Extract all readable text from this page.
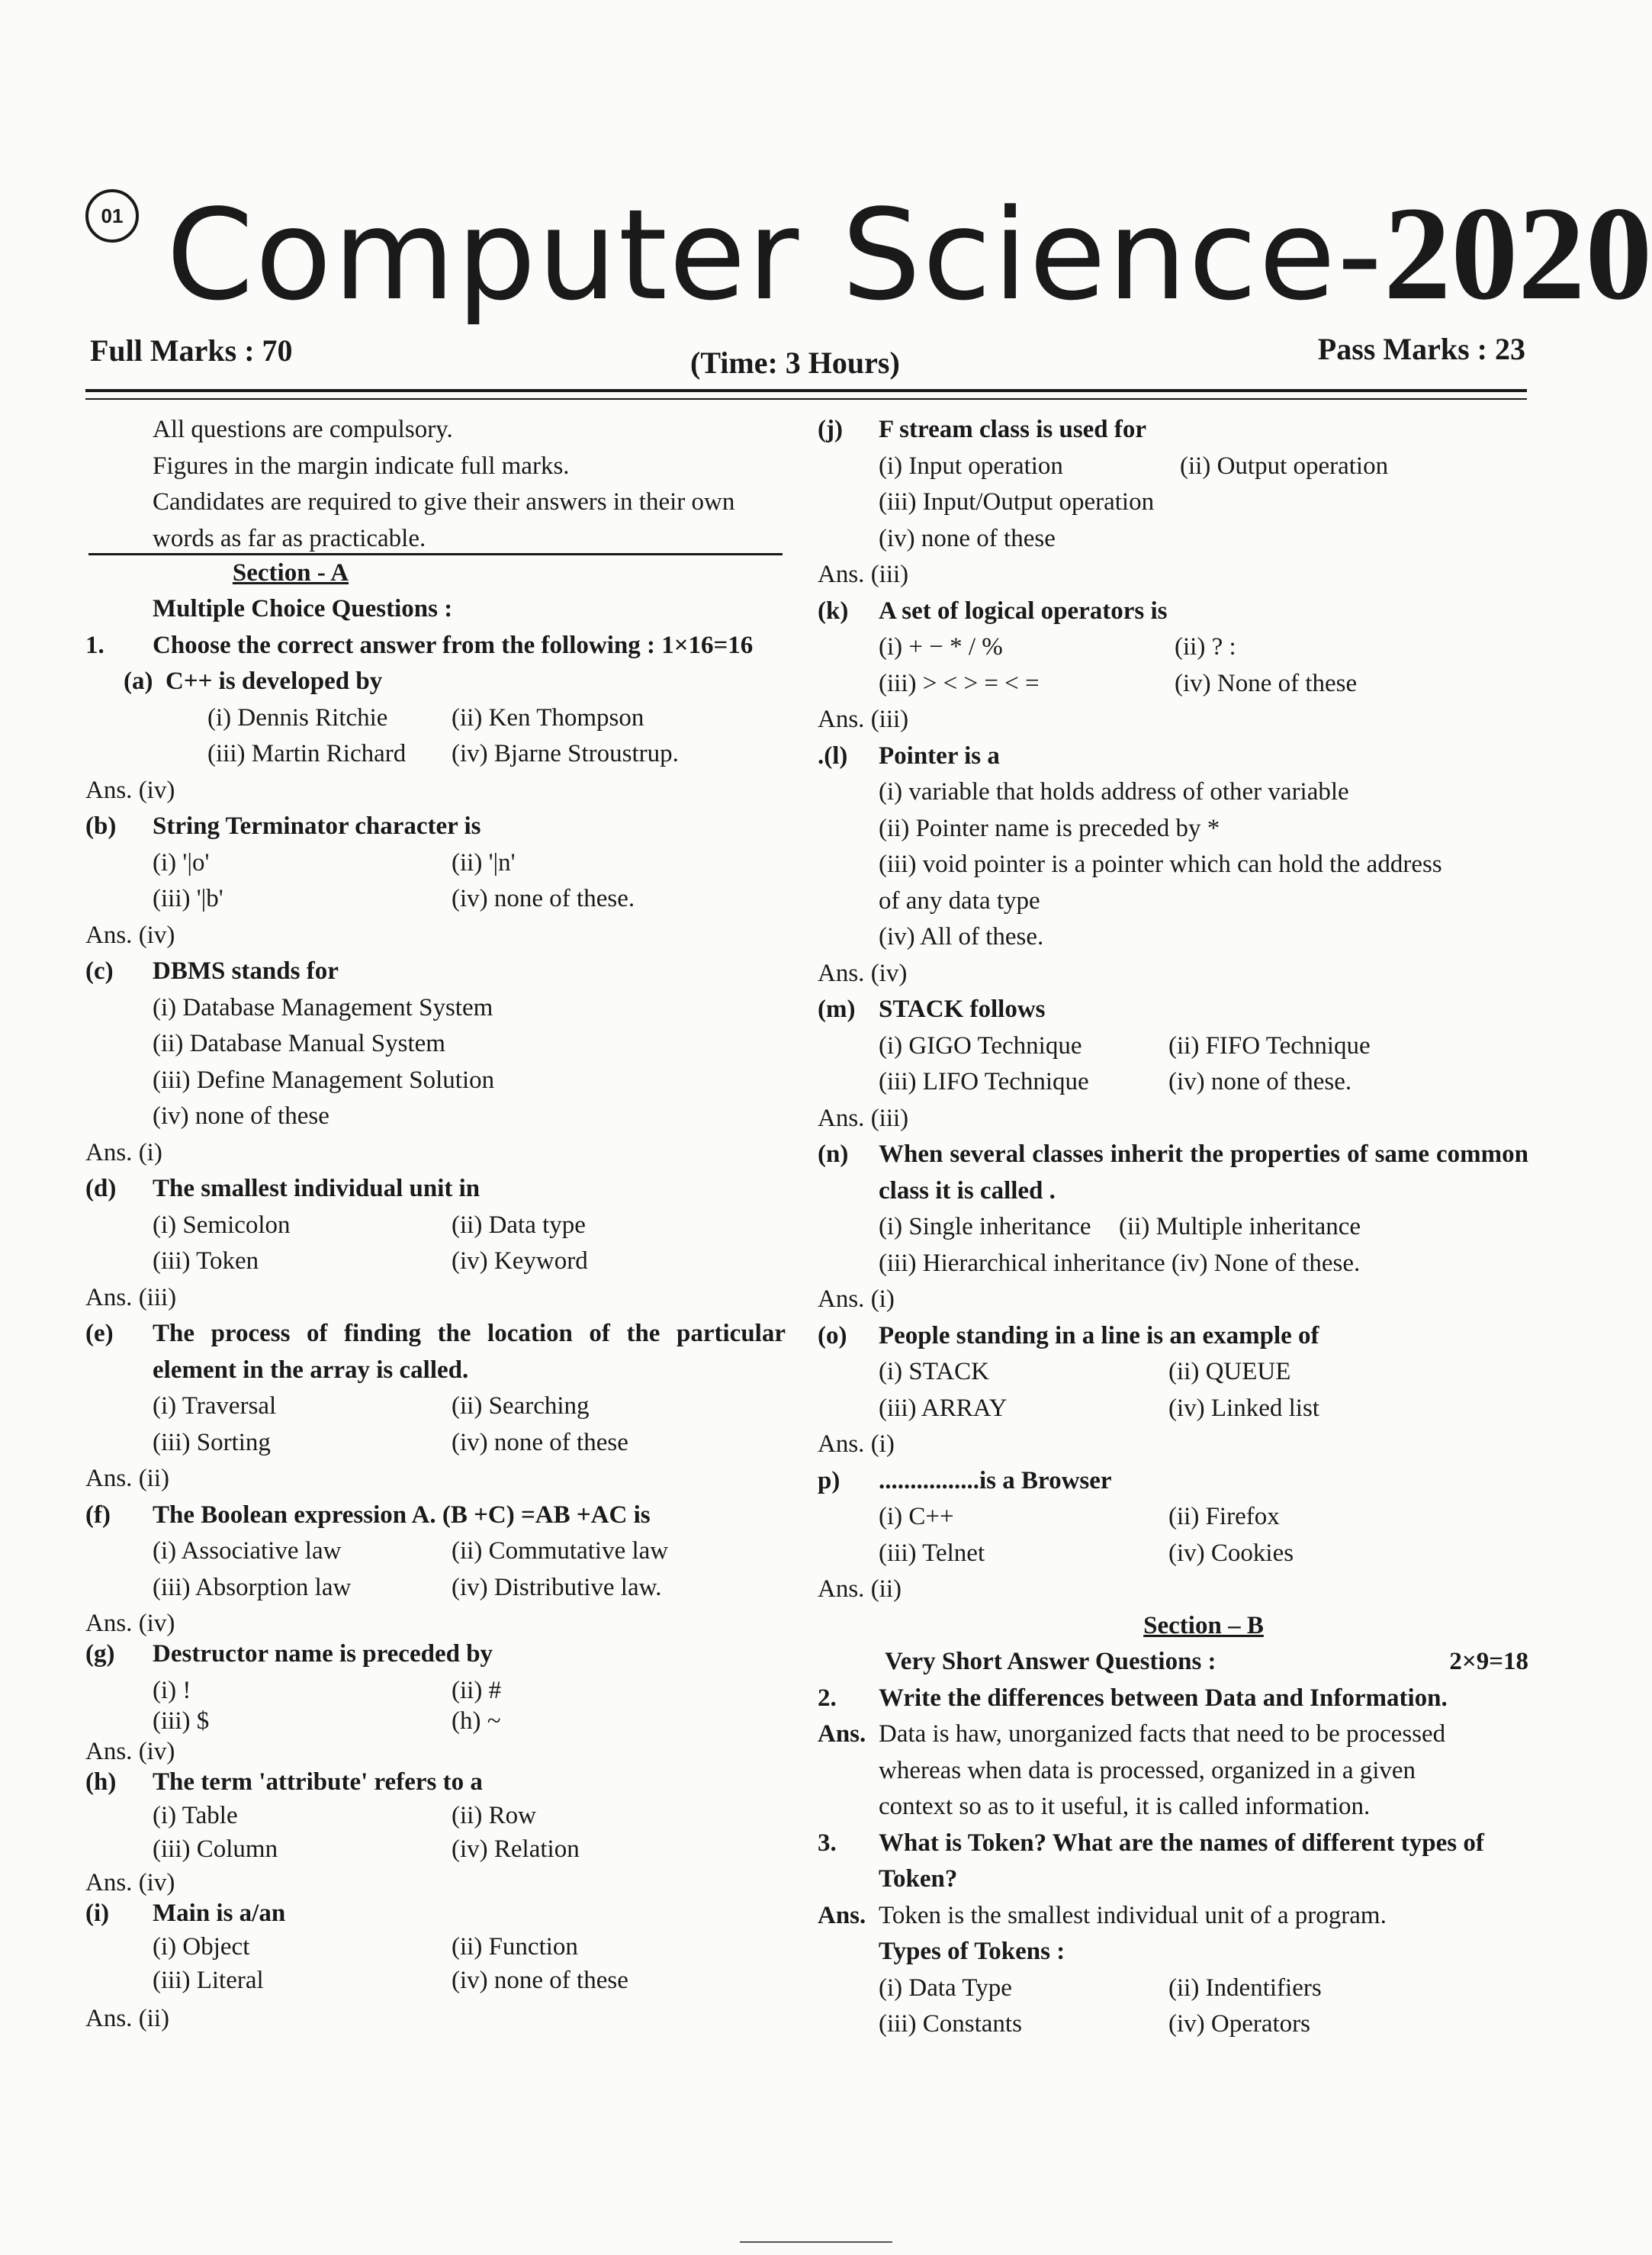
01 Computer Science-2020
Full Marks : 70	(Time: 3 Hours)	Pass Marks : 23
All questions are compulsory.
Figures in the margin indicate full marks.
Candidates are required to give their answers in their own
words as far as practicable.
Section - A
Multiple Choice Questions :
1.	Choose the correct answer from the following : 1×16=16
(a) C++ is developed by
(i) Dennis Ritchie	(ii) Ken Thompson
(iii) Martin Richard (iv) Bjarne Stroustrup.
Ans. (iv)
(b)	String Terminator character is
(i) '|o'	(ii) '|n'
(iii) '|b'	(iv) none of these.
Ans. (iv)
(c)	DBMS stands for
(i) Database Management System
(ii) Database Manual System
(iii) Define Management Solution
(iv) none of these
Ans. (i)
(d)	The smallest individual unit in
(i) Semicolon	(ii) Data type
(iii) Token	(iv) Keyword
Ans. (iii)
(e)	The process of finding the location of the particular element in the array is called.
(i) Traversal	(ii) Searching
(iii) Sorting	(iv) none of these
Ans. (ii)
(f)	The Boolean expression A. (B +C) =AB +AC is
(i) Associative law	(ii) Commutative law
(iii) Absorption law	(iv) Distributive law.
Ans. (iv)
(g)	Destructor name is preceded by
(i) !	(ii) #
(iii) $	(h) ~
Ans. (iv)
(h)	The term 'attribute' refers to a
(i) Table	(ii) Row
(iii) Column	(iv) Relation
Ans. (iv)
(i)	Main is a/an
(i) Object	(ii) Function
(iii) Literal	(iv) none of these
Ans. (ii)
(j)	F stream class is used for
(i) Input operation	(ii) Output operation
(iii) Input/Output operation
(iv) none of these
Ans. (iii)
(k)	A set of logical operators is
(i) + − * / %	(ii) ? :
(iii) > < > = < =	(iv) None of these
Ans. (iii)
.(l)	Pointer is a
(i) variable that holds address of other variable
(ii) Pointer name is preceded by *
(iii) void pointer is a pointer which can hold the address
of any data type
(iv) All of these.
Ans. (iv)
(m) STACK follows
(i) GIGO Technique	(ii) FIFO Technique
(iii) LIFO Technique	(iv) none of these.
Ans. (iii)
(n)	When several classes inherit the properties of same common class it is called .
(i) Single inheritance (ii) Multiple inheritance
(iii) Hierarchical inheritance (iv) None of these.
Ans. (i)
(o)	People standing in a line is an example of
(i) STACK	(ii) QUEUE
(iii) ARRAY	(iv) Linked list
Ans. (i)
p)	................is a Browser
(i) C++	(ii) Firefox
(iii) Telnet	(iv) Cookies
Ans. (ii)
Section – B
Very Short Answer Questions :	2×9=18
2.	Write the differences between Data and Information.
Ans. Data is haw, unorganized facts that need to be processed
whereas when data is processed, organized in a given
context so as to it useful, it is called information.
3.	What is Token? What are the names of different types of
Token?
Ans. Token is the smallest individual unit of a program.
Types of Tokens :
(i) Data Type	(ii) Indentifiers
(iii) Constants	(iv) Operators
